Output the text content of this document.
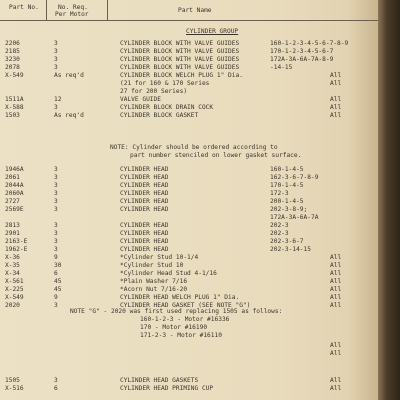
Part No.	No. Req.
Per Motor
Part Name
CYLINDER GROUP
2206	3	CYLINDER BLOCK WITH VALVE GUIDES	160-1-2-3-4-5-6-7-8-9
2185	3	CYLINDER BLOCK WITH VALVE GUIDES	170-1-2-3-4-5-6-7
3230	3	CYLINDER BLOCK WITH VALVE GUIDES	172A-3A-6A-7A-8-9
2078	3	CYLINDER BLOCK WITH VALVE GUIDES	-14-15
X-549	As req'd	CYLINDER BLOCK WELCH PLUG 1" Dia.	All
(21 for 160 & 170 Series	All
27 for 200 Series)
1511A	12	VALVE GUIDE	All
X-588	3	CYLINDER BLOCK DRAIN COCK	All
1503	As req'd	CYLINDER BLOCK GASKET	All
NOTE: Cylinder should be ordered according to
part number stenciled on lower gasket surface.
1946A	3	CYLINDER HEAD	160-1-4-5
2061	3	CYLINDER HEAD	162-3-6-7-8-9
2044A	3	CYLINDER HEAD	170-1-4-5
2060A	3	CYLINDER HEAD	172-3
2727	3	CYLINDER HEAD	200-1-4-5
2569E	3	CYLINDER HEAD	202-3-8-9;
172A-3A-6A-7A
2813	3	CYLINDER HEAD	202-3
2901	3	CYLINDER HEAD	202-3
2163-E	3	CYLINDER HEAD	202-3-6-7
1962-E	3	CYLINDER HEAD	202-3-14-15
X-36	9	*Cylinder Stud 10-1/4	All
X-35	30	*Cylinder Stud 10	All
X-34	6	*Cylinder Head Stud 4-1/16	All
X-561	45	*Plain Washer 7/16	All
X-225	45	*Acorn Nut 7/16-20	All
X-549	9	CYLINDER HEAD WELCH PLUG 1" Dia.	All
2020	3	CYLINDER HEAD GASKET (SEE NOTE "G")	All
NOTE "G" - 2020 was first used replacing 1505 as follows:
160-1-2-3 - Motor #16336
170 - Motor #16190
171-2-3 - Motor #16110
All
All
1505	3	CYLINDER HEAD GASKETS	All
X-516	6	CYLINDER HEAD PRIMING CUP	All
